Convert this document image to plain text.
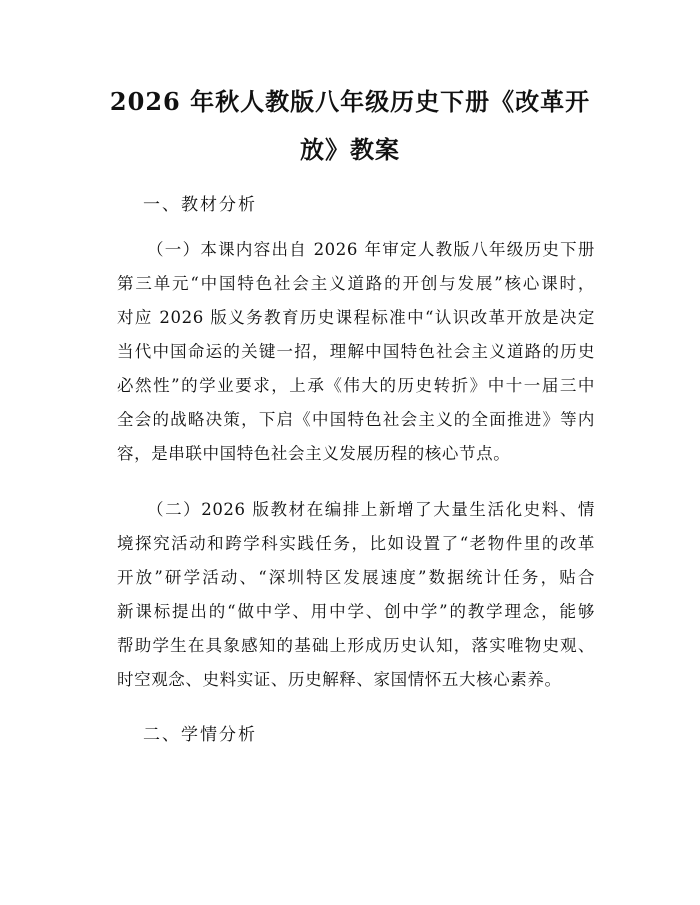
2026 年秋人教版八年级历史下册《改革开
放》教案
一、教材分析
（一）本课内容出自 2026 年审定人教版八年级历史下册
第三单元“中国特色社会主义道路的开创与发展”核心课时，
对应 2026 版义务教育历史课程标准中“认识改革开放是决定
当代中国命运的关键一招，理解中国特色社会主义道路的历史
必然性”的学业要求，上承《伟大的历史转折》中十一届三中
全会的战略决策，下启《中国特色社会主义的全面推进》等内
容，是串联中国特色社会主义发展历程的核心节点。
（二）2026 版教材在编排上新增了大量生活化史料、情
境探究活动和跨学科实践任务，比如设置了“老物件里的改革
开放”研学活动、“深圳特区发展速度”数据统计任务，贴合
新课标提出的“做中学、用中学、创中学”的教学理念，能够
帮助学生在具象感知的基础上形成历史认知，落实唯物史观、
时空观念、史料实证、历史解释、家国情怀五大核心素养。
二、学情分析
